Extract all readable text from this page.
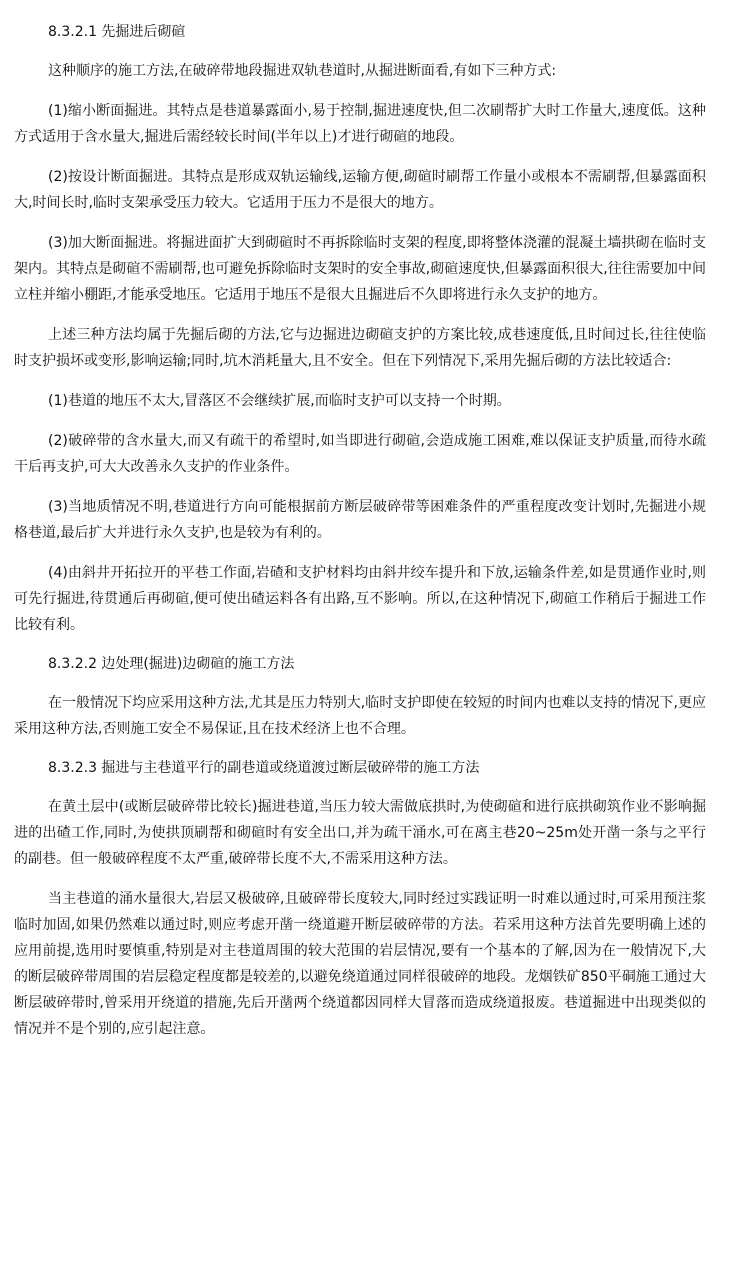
8.3.2.1 先掘进后砌碹

这种顺序的施工方法,在破碎带地段掘进双轨巷道时,从掘进断面看,有如下三种方式:

(1)缩小断面掘进。其特点是巷道暴露面小,易于控制,掘进速度快,但二次刷帮扩大时工作量大,速度低。这种方式适用于含水量大,掘进后需经较长时间(半年以上)才进行砌碹的地段。

(2)按设计断面掘进。其特点是形成双轨运输线,运输方便,砌碹时刷帮工作量小或根本不需刷帮,但暴露面积大,时间长时,临时支架承受压力较大。它适用于压力不是很大的地方。

(3)加大断面掘进。将掘进面扩大到砌碹时不再拆除临时支架的程度,即将整体浇灌的混凝土墙拱砌在临时支架内。其特点是砌碹不需刷帮,也可避免拆除临时支架时的安全事故,砌碹速度快,但暴露面积很大,往往需要加中间立柱并缩小棚距,才能承受地压。它适用于地压不是很大且掘进后不久即将进行永久支护的地方。

上述三种方法均属于先掘后砌的方法,它与边掘进边砌碹支护的方案比较,成巷速度低,且时间过长,往往使临时支护损坏或变形,影响运输;同时,坑木消耗量大,且不安全。但在下列情况下,采用先掘后砌的方法比较适合:

(1)巷道的地压不太大,冒落区不会继续扩展,而临时支护可以支持一个时期。

(2)破碎带的含水量大,而又有疏干的希望时,如当即进行砌碹,会造成施工困难,难以保证支护质量,而待水疏干后再支护,可大大改善永久支护的作业条件。

(3)当地质情况不明,巷道进行方向可能根据前方断层破碎带等困难条件的严重程度改变计划时,先掘进小规格巷道,最后扩大并进行永久支护,也是较为有利的。

(4)由斜井开拓拉开的平巷工作面,岩碴和支护材料均由斜井绞车提升和下放,运输条件差,如是贯通作业时,则可先行掘进,待贯通后再砌碹,便可使出碴运料各有出路,互不影响。所以,在这种情况下,砌碹工作稍后于掘进工作比较有利。

8.3.2.2 边处理(掘进)边砌碹的施工方法

在一般情况下均应采用这种方法,尤其是压力特别大,临时支护即使在较短的时间内也难以支持的情况下,更应采用这种方法,否则施工安全不易保证,且在技术经济上也不合理。

8.3.2.3 掘进与主巷道平行的副巷道或绕道渡过断层破碎带的施工方法

在黄土层中(或断层破碎带比较长)掘进巷道,当压力较大需做底拱时,为使砌碹和进行底拱砌筑作业不影响掘进的出碴工作,同时,为使拱顶刷帮和砌碹时有安全出口,并为疏干涌水,可在离主巷20~25m处开凿一条与之平行的副巷。但一般破碎程度不太严重,破碎带长度不大,不需采用这种方法。

当主巷道的涌水量很大,岩层又极破碎,且破碎带长度较大,同时经过实践证明一时难以通过时,可采用预注浆临时加固,如果仍然难以通过时,则应考虑开凿一绕道避开断层破碎带的方法。若采用这种方法首先要明确上述的应用前提,选用时要慎重,特别是对主巷道周围的较大范围的岩层情况,要有一个基本的了解,因为在一般情况下,大的断层破碎带周围的岩层稳定程度都是较差的,以避免绕道通过同样很破碎的地段。龙烟铁矿850平硐施工通过大断层破碎带时,曾采用开绕道的措施,先后开凿两个绕道都因同样大冒落而造成绕道报废。巷道掘进中出现类似的情况并不是个别的,应引起注意。
